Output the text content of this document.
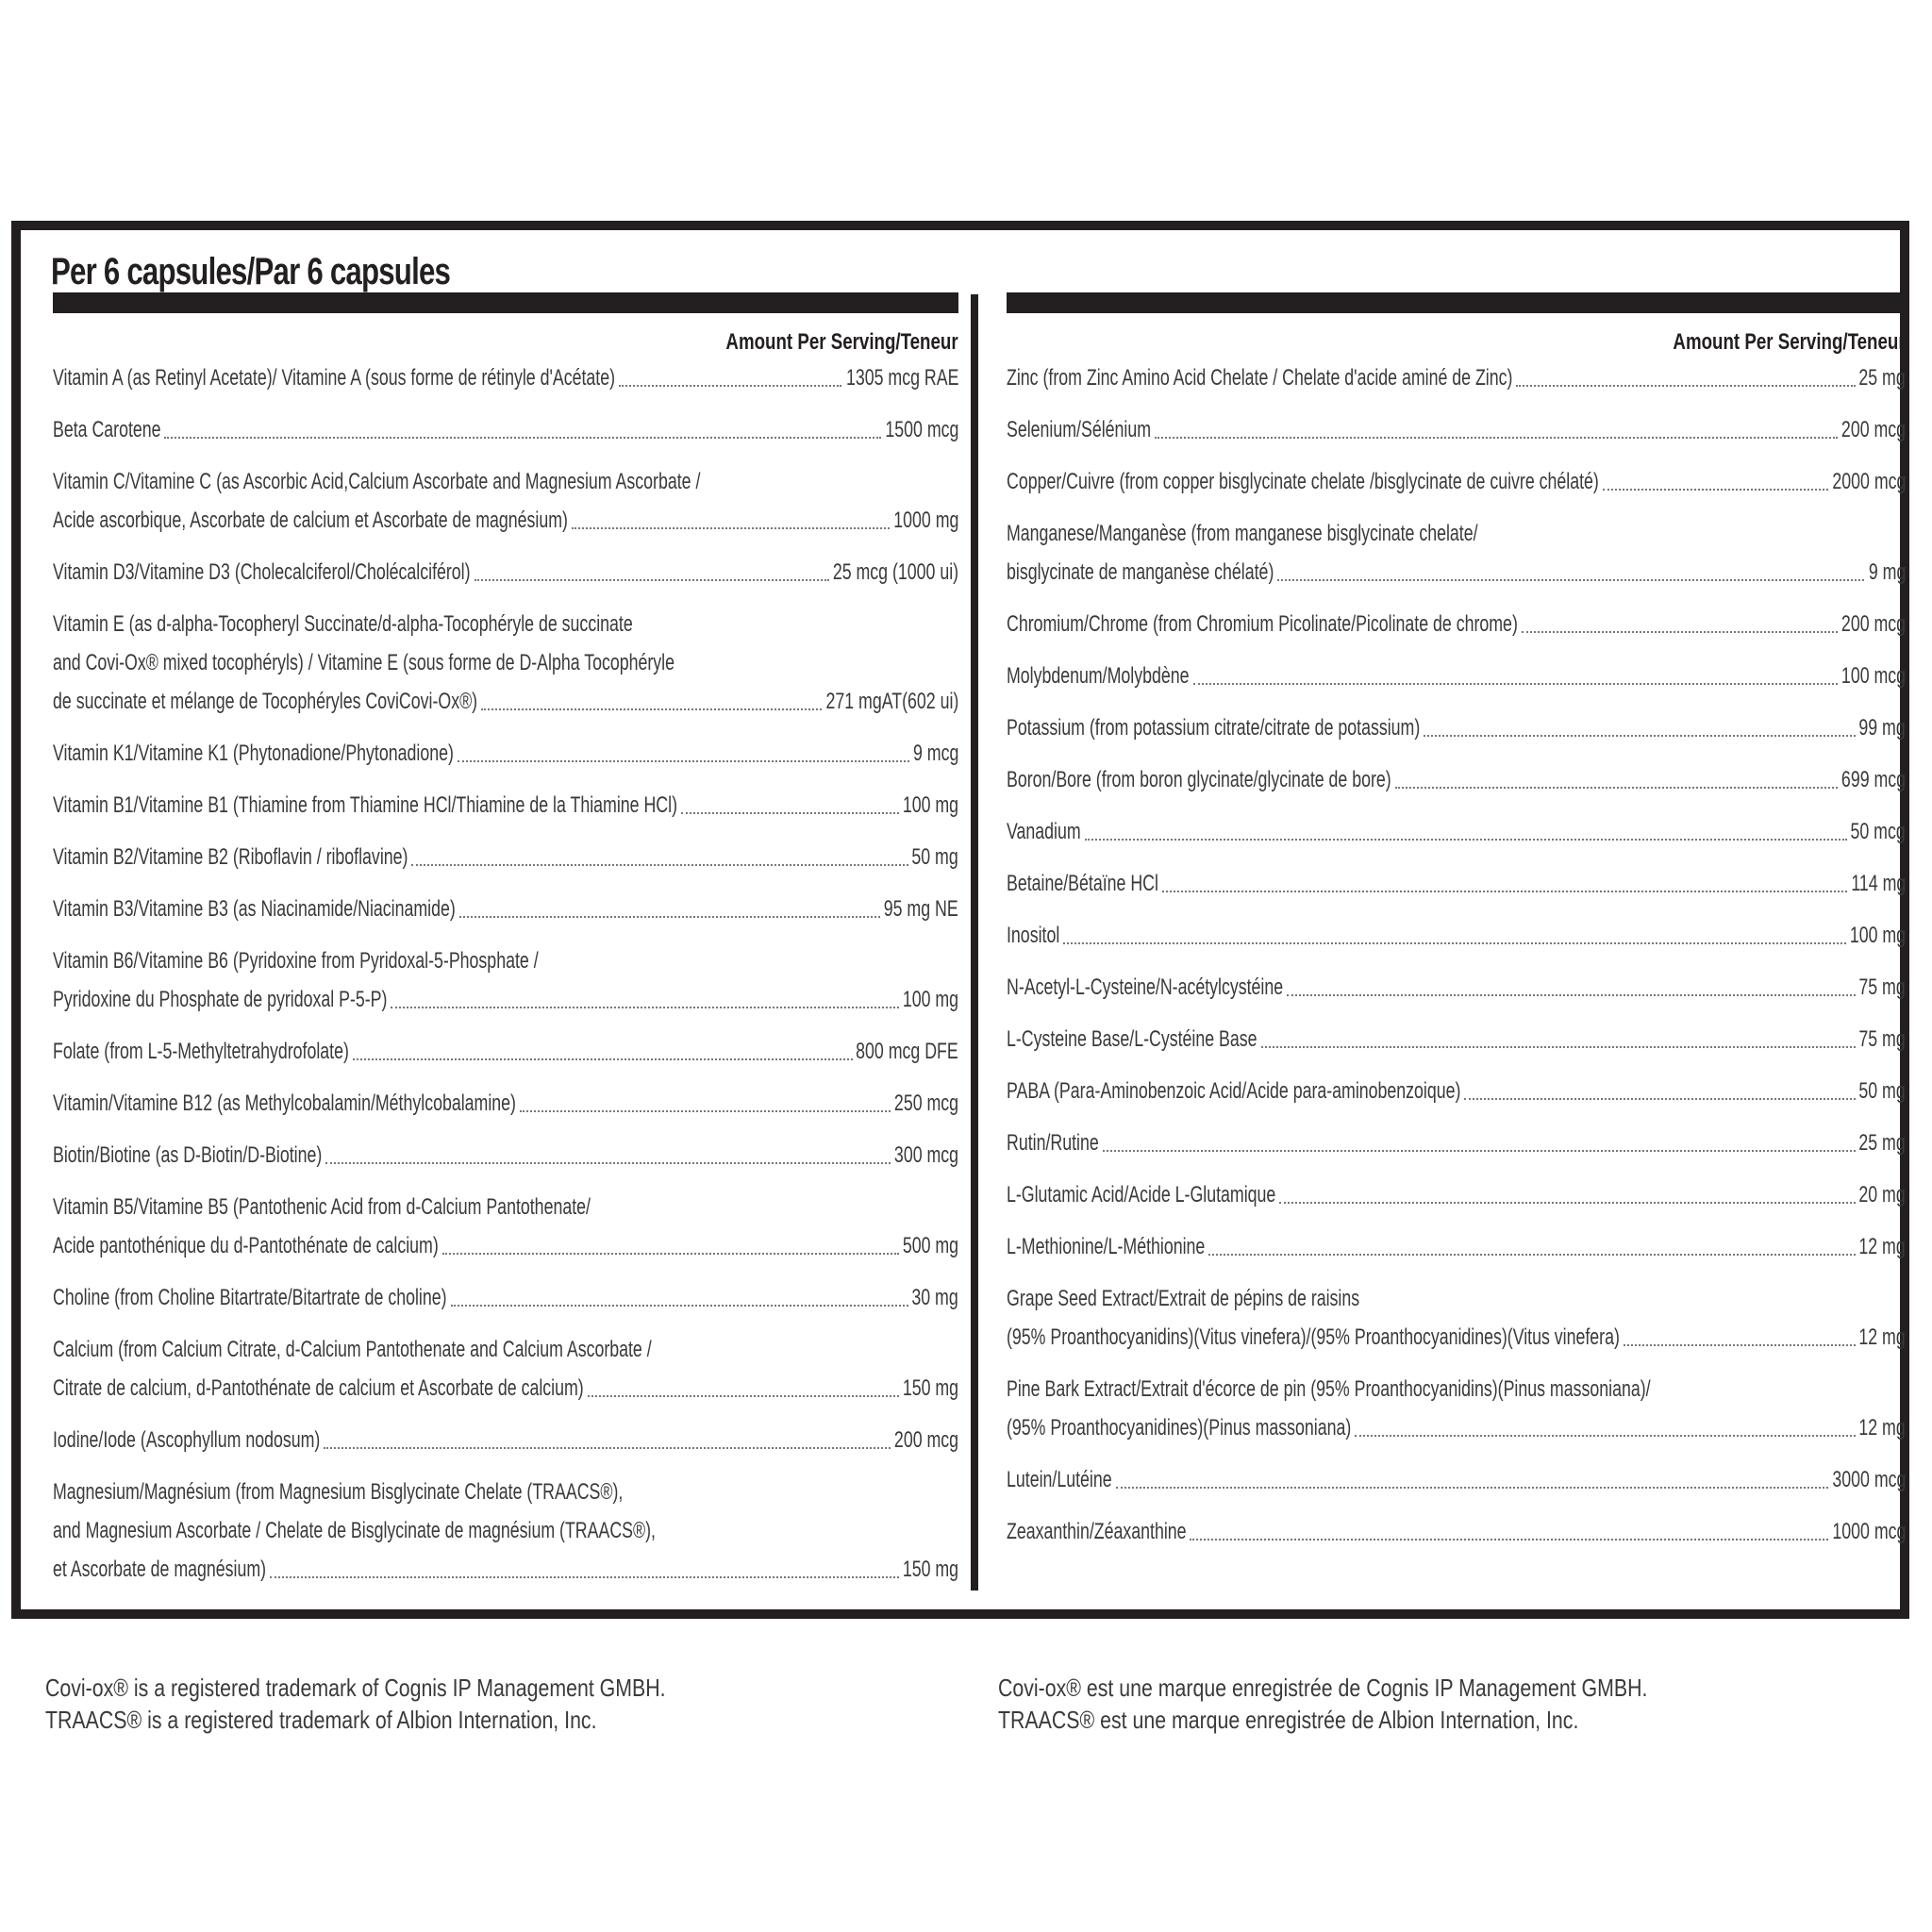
Per 6 capsules/Par 6 capsules
Amount Per Serving/Teneur
Vitamin A (as Retinyl Acetate)/ Vitamine A (sous forme de rétinyle d'Acétate)	1305 mcg RAE
Beta Carotene	1500 mcg
Vitamin C/Vitamine C (as Ascorbic Acid,Calcium Ascorbate and Magnesium Ascorbate /
Acide ascorbique, Ascorbate de calcium et Ascorbate de magnésium)	1000 mg
Vitamin D3/Vitamine D3 (Cholecalciferol/Cholécalciférol)	25 mcg (1000 ui)
Vitamin E (as d-alpha-Tocopheryl Succinate/d-alpha-Tocophéryle de succinate
and Covi-Ox® mixed tocophéryls) / Vitamine E (sous forme de D-Alpha Tocophéryle
de succinate et mélange de Tocophéryles CoviCovi-Ox®)	271 mgAT(602 ui)
Vitamin K1/Vitamine K1 (Phytonadione/Phytonadione)	9 mcg
Vitamin B1/Vitamine B1 (Thiamine from Thiamine HCl/Thiamine de la Thiamine HCl)	100 mg
Vitamin B2/Vitamine B2 (Riboflavin / riboflavine)	50 mg
Vitamin B3/Vitamine B3 (as Niacinamide/Niacinamide)	95 mg NE
Vitamin B6/Vitamine B6 (Pyridoxine from Pyridoxal-5-Phosphate /
Pyridoxine du Phosphate de pyridoxal P-5-P)	100 mg
Folate (from L-5-Methyltetrahydrofolate)	800 mcg DFE
Vitamin/Vitamine B12 (as Methylcobalamin/Méthylcobalamine)	250 mcg
Biotin/Biotine (as D-Biotin/D-Biotine)	300 mcg
Vitamin B5/Vitamine B5 (Pantothenic Acid from d-Calcium Pantothenate/
Acide pantothénique du d-Pantothénate de calcium)	500 mg
Choline (from Choline Bitartrate/Bitartrate de choline)	30 mg
Calcium (from Calcium Citrate, d-Calcium Pantothenate and Calcium Ascorbate /
Citrate de calcium, d-Pantothénate de calcium et Ascorbate de calcium)	150 mg
Iodine/Iode (Ascophyllum nodosum)	200 mcg
Magnesium/Magnésium (from Magnesium Bisglycinate Chelate (TRAACS®),
and Magnesium Ascorbate / Chelate de Bisglycinate de magnésium (TRAACS®),
et Ascorbate de magnésium)	150 mg
Amount Per Serving/Teneur
Zinc (from Zinc Amino Acid Chelate / Chelate d'acide aminé de Zinc)	25 mg
Selenium/Sélénium	200 mcg
Copper/Cuivre (from copper bisglycinate chelate /bisglycinate de cuivre chélaté)	2000 mcg
Manganese/Manganèse (from manganese bisglycinate chelate/
bisglycinate de manganèse chélaté)	9 mg
Chromium/Chrome (from Chromium Picolinate/Picolinate de chrome)	200 mcg
Molybdenum/Molybdène	100 mcg
Potassium (from potassium citrate/citrate de potassium)	99 mg
Boron/Bore (from boron glycinate/glycinate de bore)	699 mcg
Vanadium	50 mcg
Betaine/Bétaïne HCl	114 mg
Inositol	100 mg
N-Acetyl-L-Cysteine/N-acétylcystéine	75 mg
L-Cysteine Base/L-Cystéine Base	75 mg
PABA (Para-Aminobenzoic Acid/Acide para-aminobenzoique)	50 mg
Rutin/Rutine	25 mg
L-Glutamic Acid/Acide L-Glutamique	20 mg
L-Methionine/L-Méthionine	12 mg
Grape Seed Extract/Extrait de pépins de raisins
(95% Proanthocyanidins)(Vitus vinefera)/(95% Proanthocyanidines)(Vitus vinefera)	12 mg
Pine Bark Extract/Extrait d'écorce de pin (95% Proanthocyanidins)(Pinus massoniana)/
(95% Proanthocyanidines)(Pinus massoniana)	12 mg
Lutein/Lutéine	3000 mcg
Zeaxanthin/Zéaxanthine	1000 mcg
Covi-ox® is a registered trademark of Cognis IP Management GMBH.
TRAACS® is a registered trademark of Albion Internation, Inc.
Covi-ox® est une marque enregistrée de Cognis IP Management GMBH.
TRAACS® est une marque enregistrée de Albion Internation, Inc.
